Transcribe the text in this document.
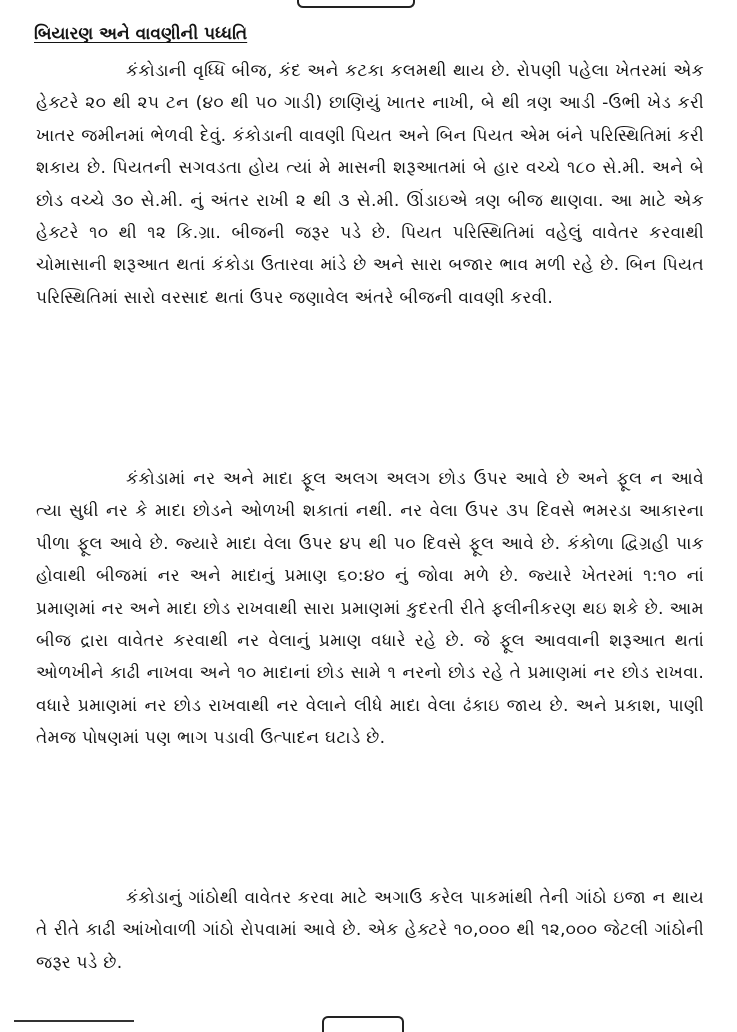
બિયારણ અને વાવણીની પધ્ધતિ

કંકોડાની વૃધ્ધિ બીજ, કંદ અને કટકા કલમથી થાય છે. રોપણી પહેલા ખેતરમાં એક હેક્ટરે ૨૦ થી ૨૫ ટન (૪૦ થી ૫૦ ગાડી) છાણિયું ખાતર નાખી, બે થી ત્રણ આડી -ઉભી ખેડ કરી ખાતર જમીનમાં ભેળવી દેવું. કંકોડાની વાવણી પિયત અને બિન પિયત એમ બંને પરિસ્થિતિમાં કરી શકાય છે. પિયતની સગવડતા હોય ત્યાં મે માસની શરૂઆતમાં બે હાર વચ્ચે ૧૮૦ સે.મી. અને બે છોડ વચ્ચે ૩૦ સે.મી. નું અંતર રાખી ૨ થી ૩ સે.મી. ઊંડાઇએ ત્રણ બીજ થાણવા. આ માટે એક હેક્ટરે ૧૦ થી ૧૨ કિ.ગ્રા. બીજની જરૂર પડે છે. પિયત પરિસ્થિતિમાં વહેલું વાવેતર કરવાથી ચોમાસાની શરૂઆત થતાં કંકોડા ઉતારવા માંડે છે અને સારા બજાર ભાવ મળી રહે છે. બિન પિયત પરિસ્થિતિમાં સારો વરસાદ થતાં ઉપર જણાવેલ અંતરે બીજની વાવણી કરવી.

કંકોડામાં નર અને માદા ફૂલ અલગ અલગ છોડ ઉપર આવે છે અને ફૂલ ન આવે ત્યા સુધી નર કે માદા છોડને ઓળખી શકાતાં નથી. નર વેલા ઉપર ૩૫ દિવસે ભમરડા આકારના પીળા ફૂલ આવે છે. જ્યારે માદા વેલા ઉપર ૪૫ થી ૫૦ દિવસે ફૂલ આવે છે. કંકોળા દ્વિગ્રહી પાક હોવાથી બીજમાં નર અને માદાનું પ્રમાણ ૬૦:૪૦ નું જોવા મળે છે. જ્યારે ખેતરમાં ૧:૧૦ નાં પ્રમાણમાં નર અને માદા છોડ રાખવાથી સારા પ્રમાણમાં કુદરતી રીતે ફલીનીકરણ થઇ શકે છે. આમ બીજ દ્રારા વાવેતર કરવાથી નર વેલાનું પ્રમાણ વધારે રહે છે. જે ફૂલ આવવાની શરૂઆત થતાં ઓળખીને કાઢી નાખવા અને ૧૦ માદાનાં છોડ સામે ૧ નરનો છોડ રહે તે પ્રમાણમાં નર છોડ રાખવા. વધારે પ્રમાણમાં નર છોડ રાખવાથી નર વેલાને લીધે માદા વેલા ઢંકાઇ જાય છે. અને પ્રકાશ, પાણી તેમજ પોષણમાં પણ ભાગ પડાવી ઉત્પાદન ઘટાડે છે.

કંકોડાનું ગાંઠોથી વાવેતર કરવા માટે અગાઉ કરેલ પાકમાંથી તેની ગાંઠો ઇજા ન થાય તે રીતે કાઢી આંખોવાળી ગાંઠો રોપવામાં આવે છે. એક હેક્ટરે ૧૦,૦૦૦ થી ૧૨,૦૦૦ જેટલી ગાંઠોની જરૂર પડે છે.
